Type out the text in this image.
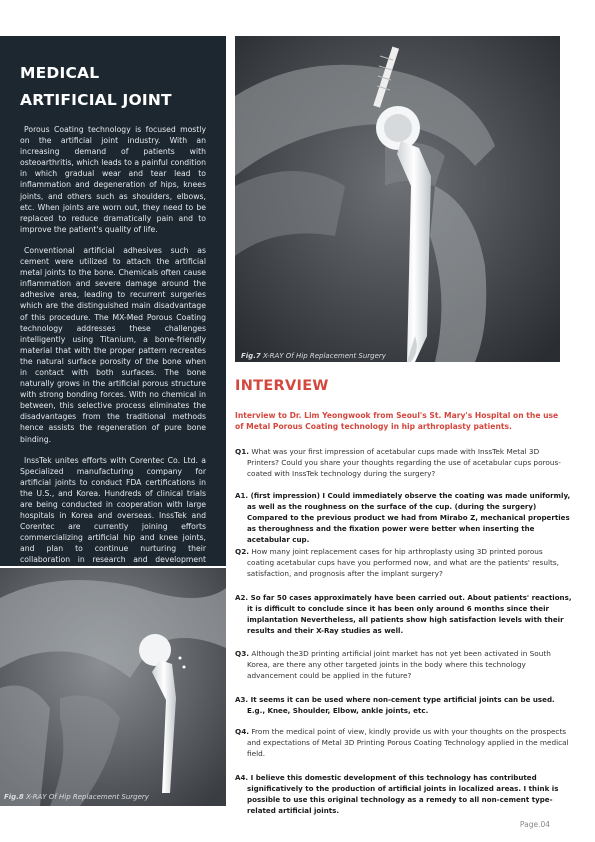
MEDICAL
ARTIFICIAL JOINT

Porous Coating technology is focused mostly on the artificial joint industry. With an increasing demand of patients with osteoarthritis, which leads to a painful condition in which gradual wear and tear lead to inflammation and degeneration of hips, knees joints, and others such as shoulders, elbows, etc. When joints are worn out, they need to be replaced to reduce dramatically pain and to improve the patient's quality of life.

Conventional artificial adhesives such as cement were utilized to attach the artificial metal joints to the bone. Chemicals often cause inflammation and severe damage around the adhesive area, leading to recurrent surgeries which are the distinguished main disadvantage of this procedure. The MX-Med Porous Coating technology addresses these challenges intelligently using Titanium, a bone-friendly material that with the proper pattern recreates the natural surface porosity of the bone when in contact with both surfaces. The bone naturally grows in the artificial porous structure with strong bonding forces. With no chemical in between, this selective process eliminates the disadvantages from the traditional methods hence assists the regeneration of pure bone binding.

InssTek unites efforts with Corentec Co. Ltd. a Specialized manufacturing company for artificial joints to conduct FDA certifications in the U.S., and Korea. Hundreds of clinical trials are being conducted in cooperation with large hospitals in Korea and overseas. InssTek and Corentec are currently joining efforts commercializing artificial hip and knee joints, and plan to continue nurturing their collaboration in research and development

Fig.7 X-RAY Of Hip Replacement Surgery
Fig.8 X-RAY Of Hip Replacement Surgery
INTERVIEW

Interview to Dr. Lim Yeongwook from Seoul's St. Mary's Hospital on the use of Metal Porous Coating technology in hip arthroplasty patients.

Q1. What was your first impression of acetabular cups made with InssTek Metal 3D Printers? Could you share your thoughts regarding the use of acetabular cups porous-coated with InssTek technology during the surgery?

A1. (first impression) I Could immediately observe the coating was made uniformly, as well as the roughness on the surface of the cup. (during the surgery) Compared to the previous product we had from Mirabo Z, mechanical properties as theroughness and the fixation power were better when inserting the acetabular cup.

Q2. How many joint replacement cases for hip arthroplasty using 3D printed porous coating acetabular cups have you performed now, and what are the patients' results, satisfaction, and prognosis after the implant surgery?

A2. So far 50 cases approximately have been carried out. About patients' reactions, it is difficult to conclude since it has been only around 6 months since their implantation Nevertheless, all patients show high satisfaction levels with their results and their X-Ray studies as well.

Q3. Although the3D printing artificial joint market has not yet been activated in South Korea, are there any other targeted joints in the body where this technology advancement could be applied in the future?

A3. It seems it can be used where non-cement type artificial joints can be used. E.g., Knee, Shoulder, Elbow, ankle joints, etc.

Q4. From the medical point of view, kindly provide us with your thoughts on the prospects and expectations of Metal 3D Printing Porous Coating Technology applied in the medical field.

A4. I believe this domestic development of this technology has contributed significatively to the production of artificial joints in localized areas. I think is possible to use this original technology as a remedy to all non-cement type-related artificial joints.

Page.04
